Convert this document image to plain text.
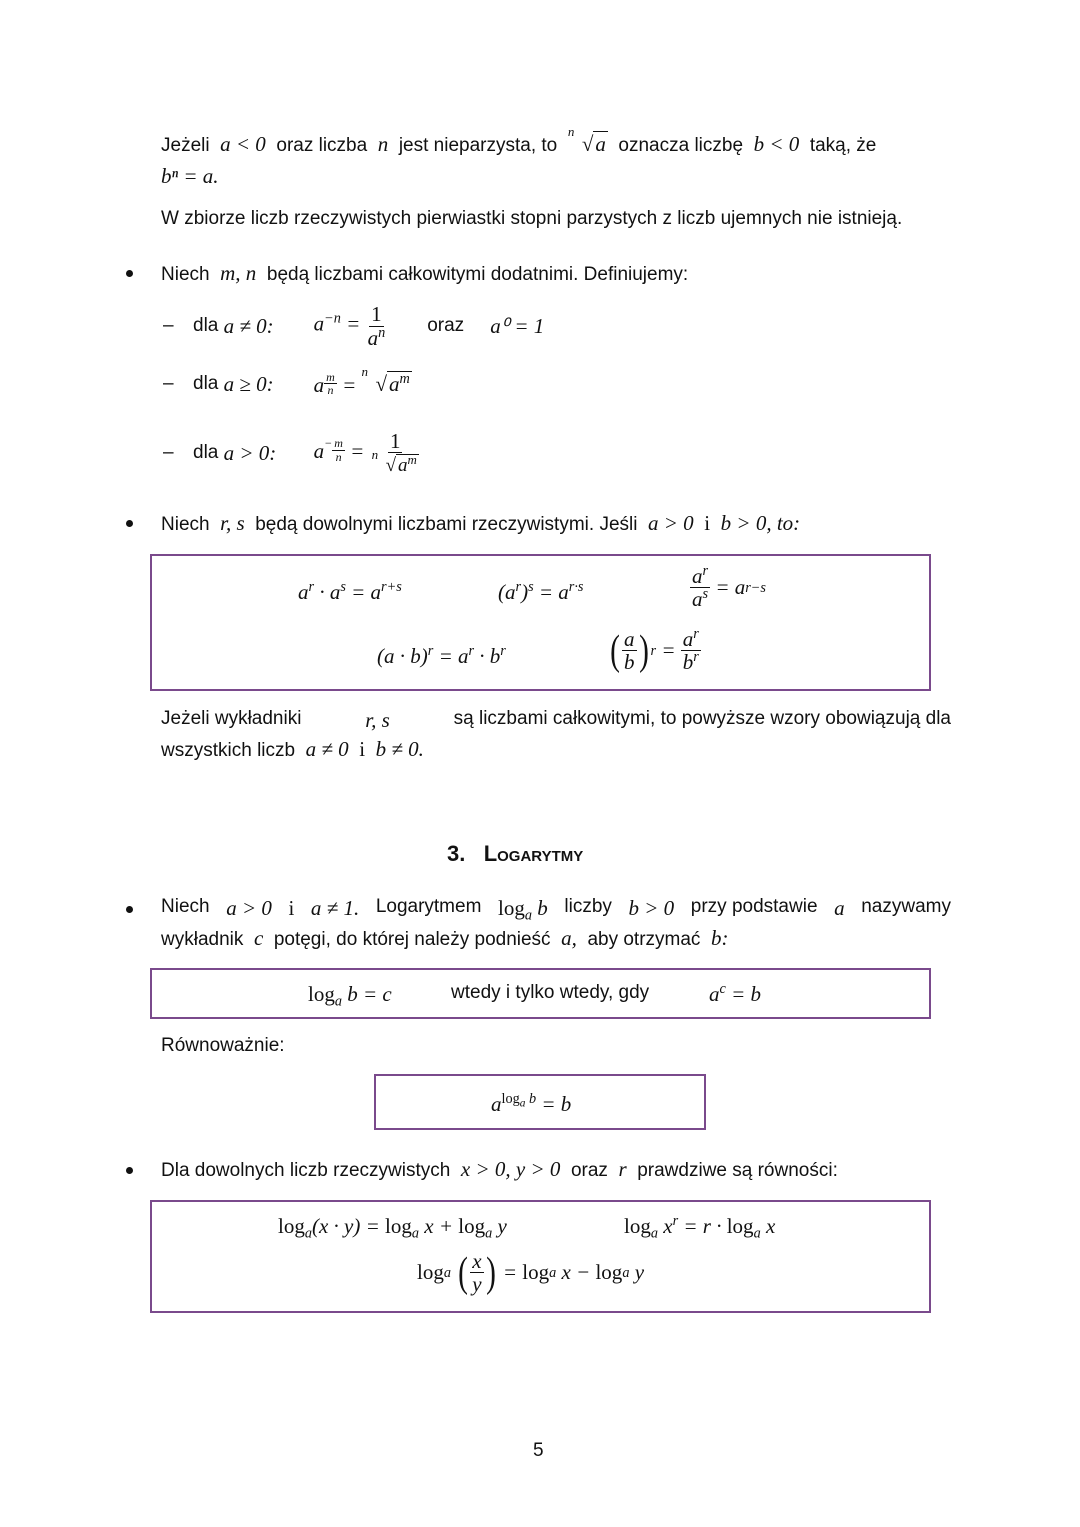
Jeżeli a < 0 oraz liczba n jest nieparzysta, to
n
√a oznacza liczbę b < 0 taką, że
bⁿ = a.
W zbiorze liczb rzeczywistych pierwiastki stopni parzystych z liczb ujemnych nie istnieją.
Niech m, n będą liczbami całkowitymi dodatnimi. Definiujemy:
–	dla
a ≠ 0:	$a^{-n} = \frac{1}{a^n}$ oraz a⁰ = 1
–	dla
a ≥ 0:	a $\frac{m}{n}$ =
n
$√a^m$
–	dla
a > 0:	$a^- \frac{m}{n} = 1$
n
√ $a^m$
Niech r, s będą dowolnymi liczbami rzeczywistymi. Jeśli a > 0 i b > 0, to:
$a^r \cdot a^s = a^{r+s}$	$(a^r)^s = a^{r\cdot s}$	$\frac{a^r}{a^s} = a$ r−s
$(a \cdot b)^r = a^r \cdot b^r$ ( $\frac{a}{b}$ ) $r = \frac{a^r}{b^r}$
Jeżeli wykładniki	r, s	są liczbami całkowitymi, to powyższe wzory obowiązują dla
wszystkich liczb a ≠ 0 i b ≠ 0.
3. Logarytmy
Niech a > 0 i a ≠ 1. Logarytmem $\log_a b$ liczby b > 0 przy podstawie a nazywamy
wykładnik c potęgi, do której należy podnieść a, aby otrzymać b:
$\log_a b = c$	wtedy i tylko wtedy, gdy	$a^c = b$
Równoważnie:
$a^{log_a b} = b$
Dla dowolnych liczb rzeczywistych x > 0, y > 0 oraz r prawdziwe są równości:
$\log_a(x \cdot y) = \log_a x + \log_a y$	$\log_a x^r = r \cdot \log_a x$
log a
( $\frac{x}{y}$ ) = log a x − log a y
5
